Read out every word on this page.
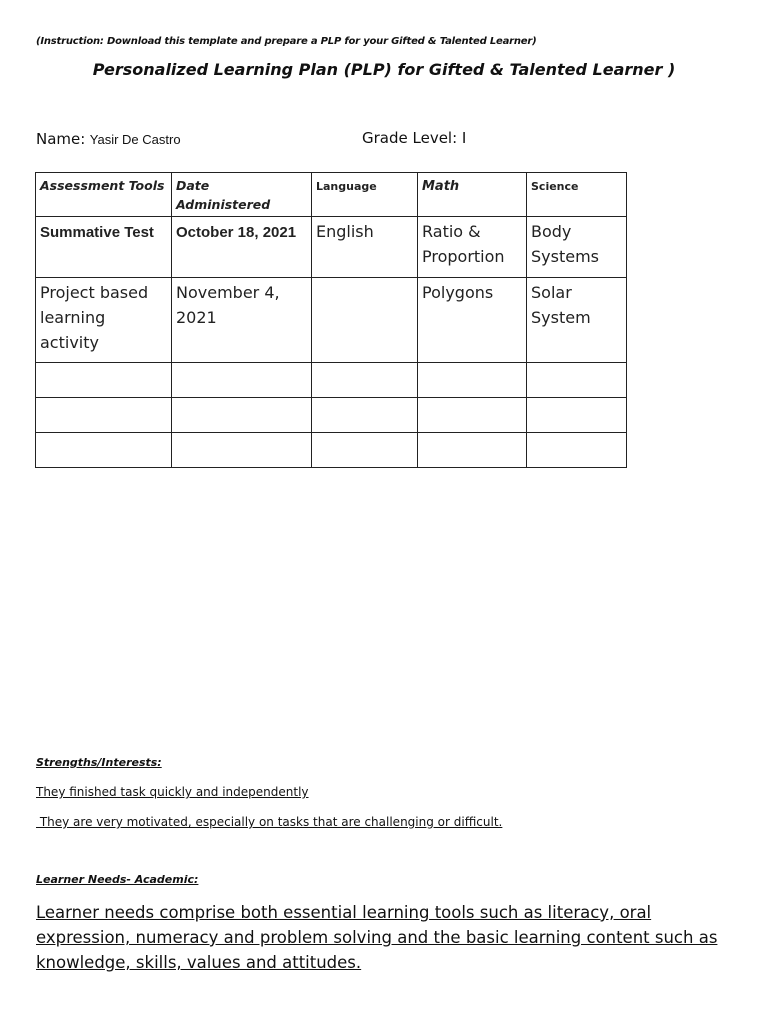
(Instruction: Download this template and prepare a PLP for your Gifted & Talented Learner)
Personalized Learning Plan (PLP) for Gifted & Talented Learner )
Name: Yasir De Castro	Grade Level: I
Assessment Tools	Date Administered	Language	Math	Science
Summative Test	October 18, 2021	English	Ratio & Proportion	Body Systems
Project based learning activity	November 4, 2021		Polygons	Solar System

Strengths/Interests:
They finished task quickly and independently
They are very motivated, especially on tasks that are challenging or difficult.
Learner Needs- Academic:
Learner needs comprise both essential learning tools such as literacy, oral expression, numeracy and problem solving and the basic learning content such as knowledge, skills, values and attitudes.
